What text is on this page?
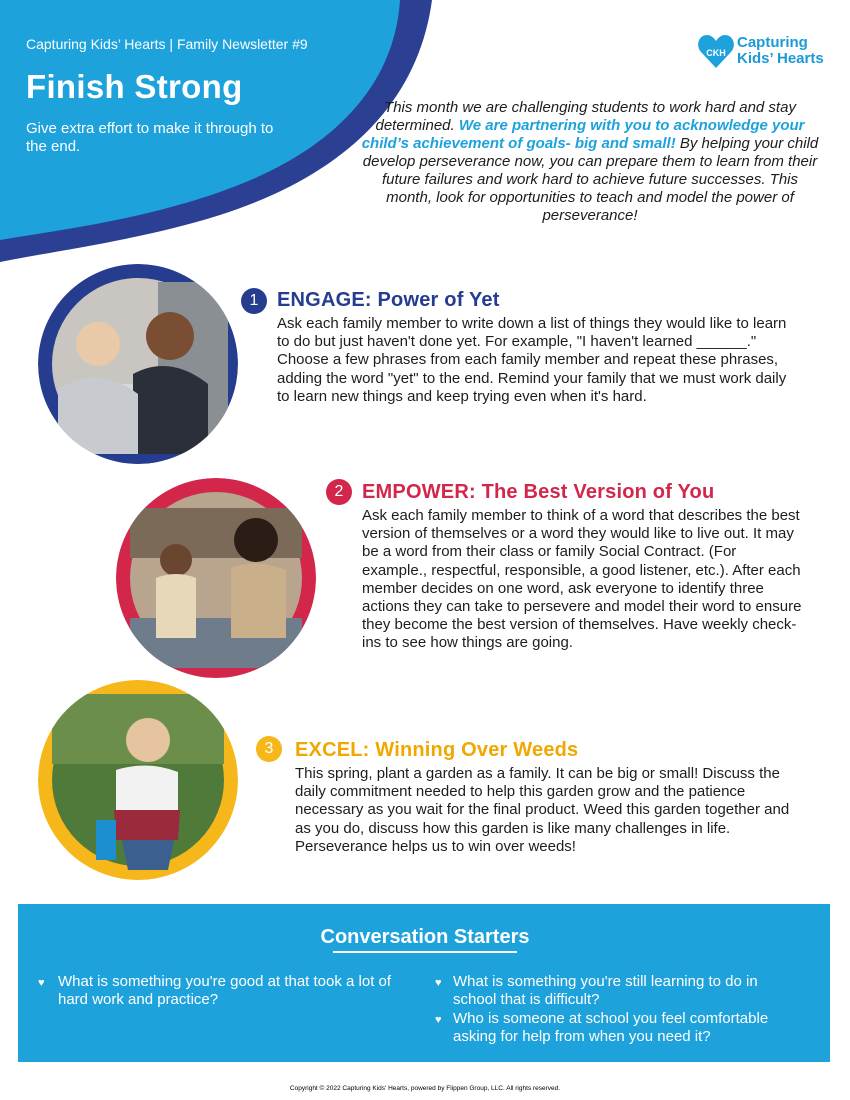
Capturing Kids’ Hearts | Family Newsletter #9
Finish Strong
Give extra effort to make it through to the end.
CKH
Capturing
Kids’ Hearts
This month we are challenging students to work hard and stay determined. We are partnering with you to acknowledge your child’s achievement of goals- big and small! By helping your child develop perseverance now, you can prepare them to learn from their future failures and work hard to achieve future successes. This month, look for opportunities to teach and model the power of perseverance!
1 ENGAGE: Power of Yet
Ask each family member to write down a list of things they would like to learn to do but just haven't done yet. For example, "I haven't learned ______." Choose a few phrases from each family member and repeat these phrases, adding the word "yet" to the end. Remind your family that we must work daily to learn new things and keep trying even when it's hard.
2 EMPOWER: The Best Version of You
Ask each family member to think of a word that describes the best version of themselves or a word they would like to live out. It may be a word from their class or family Social Contract. (For example., respectful, responsible, a good listener, etc.). After each member decides on one word, ask everyone to identify three actions they can take to persevere and model their word to ensure they become the best version of themselves. Have weekly check-ins to see how things are going.
3	EXCEL: Winning Over Weeds
This spring, plant a garden as a family. It can be big or small! Discuss the daily commitment needed to help this garden grow and the patience necessary as you wait for the final product. Weed this garden together and as you do, discuss how this garden is like many challenges in life. Perseverance helps us to win over weeds!
Conversation Starters
♥ What is something you're good at that took a lot of hard work and practice?
♥ What is something you're still learning to do in school that is difficult?
♥ Who is someone at school you feel comfortable asking for help from when you need it?
Copyright © 2022 Capturing Kids' Hearts, powered by Flippen Group, LLC. All rights reserved.
